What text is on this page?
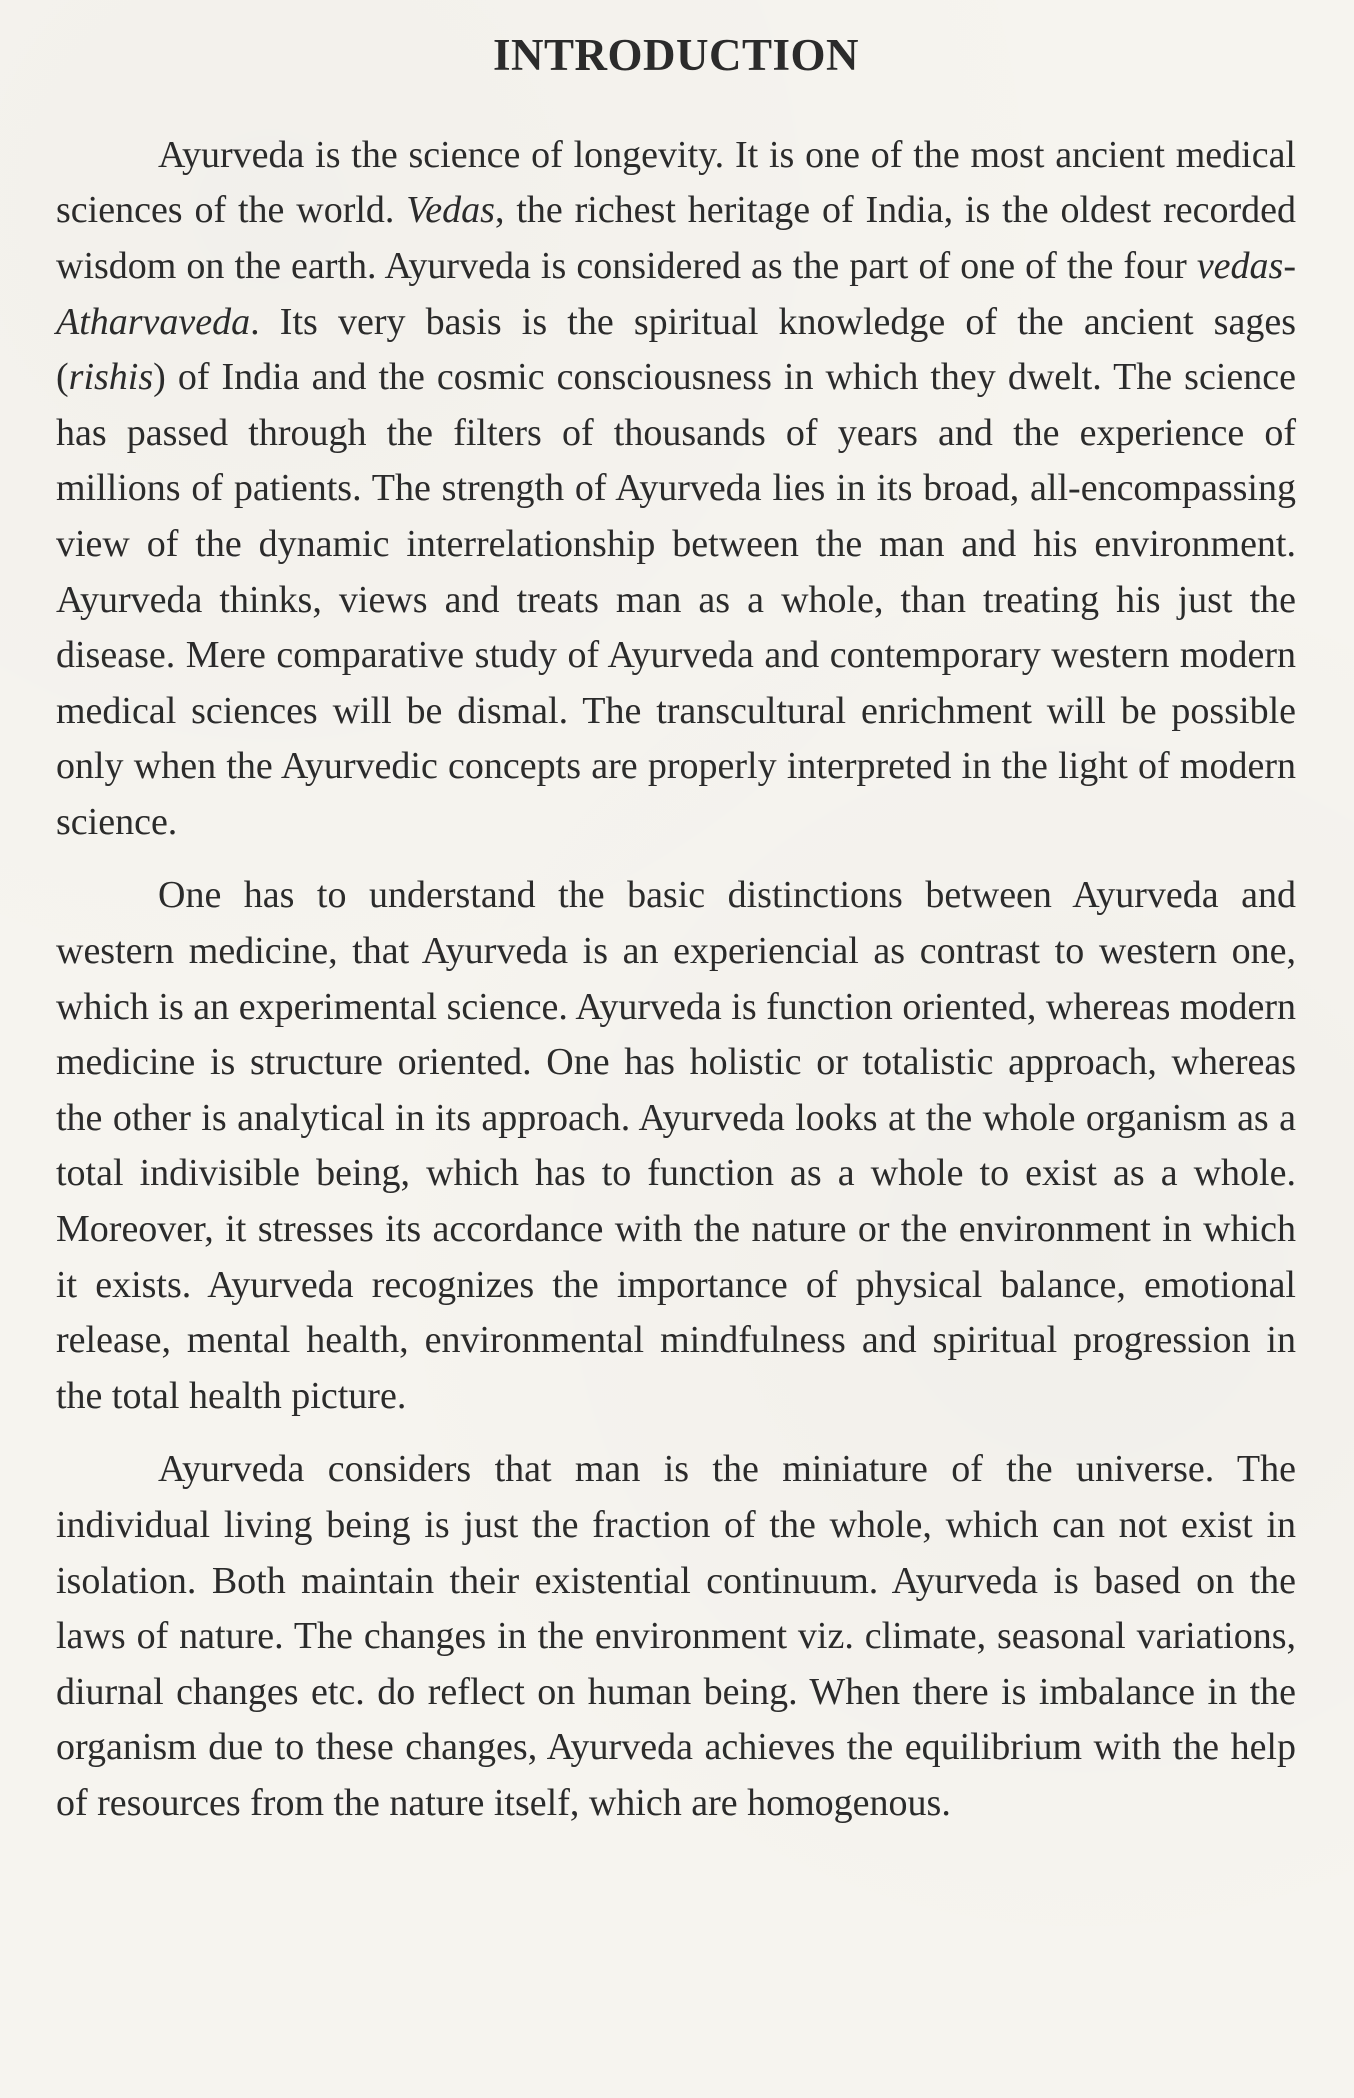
INTRODUCTION

Ayurveda is the science of longevity. It is one of the most ancient medical sciences of the world. Vedas, the richest heritage of India, is the oldest recorded wisdom on the earth. Ayurveda is considered as the part of one of the four vedas-Atharvaveda. Its very basis is the spiritual knowledge of the ancient sages (rishis) of India and the cosmic consciousness in which they dwelt. The science has passed through the filters of thousands of years and the experience of millions of patients. The strength of Ayurveda lies in its broad, all-encompassing view of the dynamic interrelationship between the man and his environment. Ayurveda thinks, views and treats man as a whole, than treating his just the disease. Mere comparative study of Ayurveda and contemporary western modern medical sciences will be dismal. The transcultural enrichment will be possible only when the Ayurvedic concepts are properly interpreted in the light of modern science.

One has to understand the basic distinctions between Ayurveda and western medicine, that Ayurveda is an experiencial as contrast to western one, which is an experimental science. Ayurveda is function oriented, whereas modern medicine is structure oriented. One has holistic or totalistic approach, whereas the other is analytical in its approach. Ayurveda looks at the whole organism as a total indivisible being, which has to function as a whole to exist as a whole. Moreover, it stresses its accordance with the nature or the environment in which it exists. Ayurveda recognizes the importance of physical balance, emotional release, mental health, environmental mindfulness and spiritual progression in the total health picture.

Ayurveda considers that man is the miniature of the universe. The individual living being is just the fraction of the whole, which can not exist in isolation. Both maintain their existential continuum. Ayurveda is based on the laws of nature. The changes in the environment viz. climate, seasonal variations, diurnal changes etc. do reflect on human being. When there is imbalance in the organism due to these changes, Ayurveda achieves the equilibrium with the help of resources from the nature itself, which are homogenous.
